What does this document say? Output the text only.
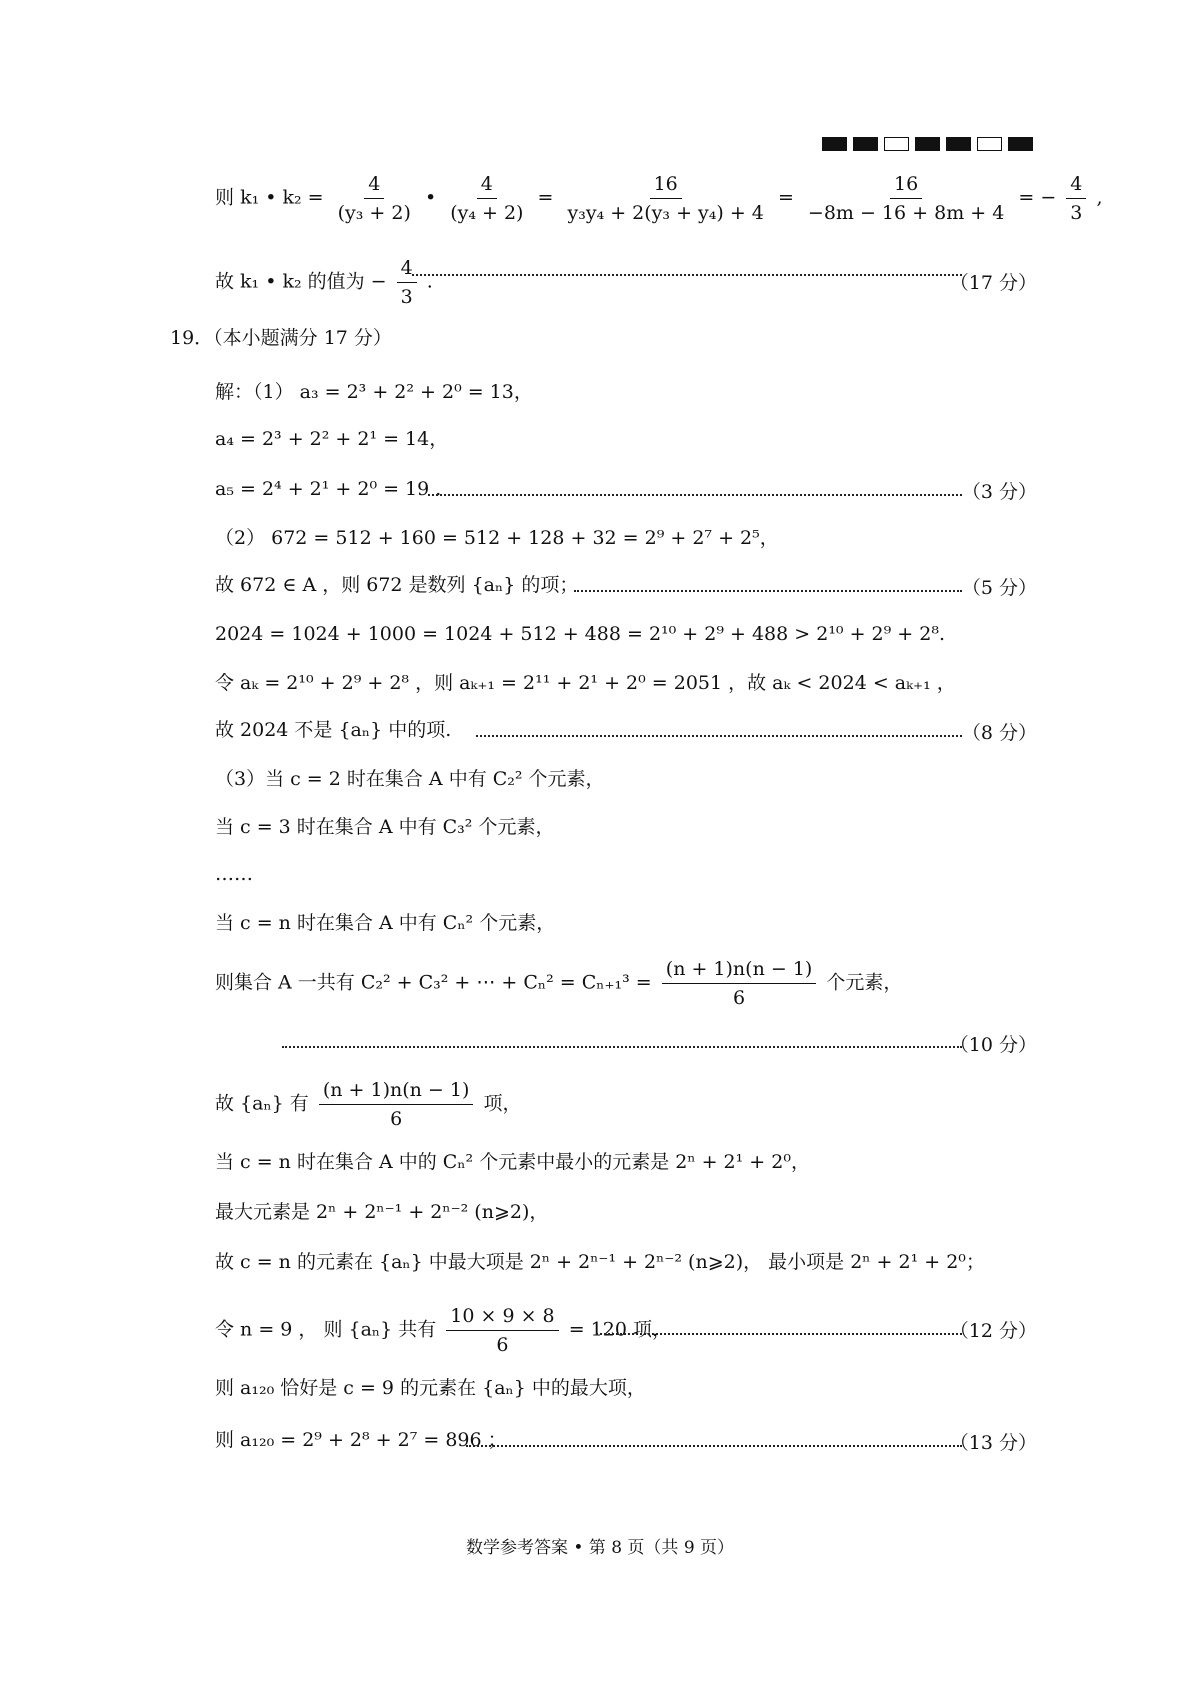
则 k₁ • $k_2 = \frac{4}{\text{(y₃ + 2)}}$ • $\frac{4}{\text{(y₄ + 2)}} = \frac{16}{\text{y₃y₄ + 2(y₃ + y₄) + 4}} = \frac{16}{-8m - 16 + 8m + 4}$ = − $\frac{4}{3}$ ,
故 k₁ • k₂ 的值为 − $\frac{4}{3}$ .	（17 分）
19．（本小题满分 17 分）
解：（1） a₃ = 2³ + 2² + 2⁰ = 13，
a₄ = 2³ + 2² + 2¹ = 14，
a₅ = 2⁴ + 2¹ + 2⁰ = 19 .	（3 分）
（2） 672 = 512 + 160 = 512 + 128 + 32 = 2⁹ + 2⁷ + 2⁵，
故 672 ∈ A ，则 672 是数列 {aₙ} 的项；	（5 分）
2024 = 1024 + 1000 = 1024 + 512 + 488 = 2¹⁰ + 2⁹ + 488 > 2¹⁰ + 2⁹ + 2⁸.
令 aₖ = 2¹⁰ + 2⁹ + 2⁸ ，则 aₖ₊₁ = 2¹¹ + 2¹ + 2⁰ = 2051 ，故 aₖ < 2024 < aₖ₊₁ ，
故 2024 不是 {aₙ} 中的项.	（8 分）
（3）当 c = 2 时在集合 A 中有 C₂² 个元素，
当 c = 3 时在集合 A 中有 C₃² 个元素，
……
当 c = n 时在集合 A 中有 Cₙ² 个元素，
则集合 A 一共有 C₂² + C₃² + ⋯ + $C_n^2 = C_{n+1}^3 = \frac{(n + 1)n(n - 1)}{6}$ 个元素，
（10 分）
故 {aₙ} 有 $\frac{(n + 1)n(n - 1)}{6}$ 项，
当 c = n 时在集合 A 中的 Cₙ² 个元素中最小的元素是 2ⁿ + 2¹ + 2⁰，
最大元素是 2ⁿ + 2ⁿ⁻¹ + 2ⁿ⁻² (n⩾2)，
故 c = n 的元素在 {aₙ} 中最大项是 2ⁿ + 2ⁿ⁻¹ + 2ⁿ⁻² (n⩾2)， 最小项是 2ⁿ + 2¹ + 2⁰；
令 n = 9 ， 则 {aₙ} 共有 $\frac{10 \times 9 \times 8}{6} = 120$ 项，	（12 分）
则 a₁₂₀ 恰好是 c = 9 的元素在 {aₙ} 中的最大项，
则 a₁₂₀ = 2⁹ + 2⁸ + 2⁷ = 896 ；	（13 分）
数学参考答案 • 第 8 页（共 9 页）
